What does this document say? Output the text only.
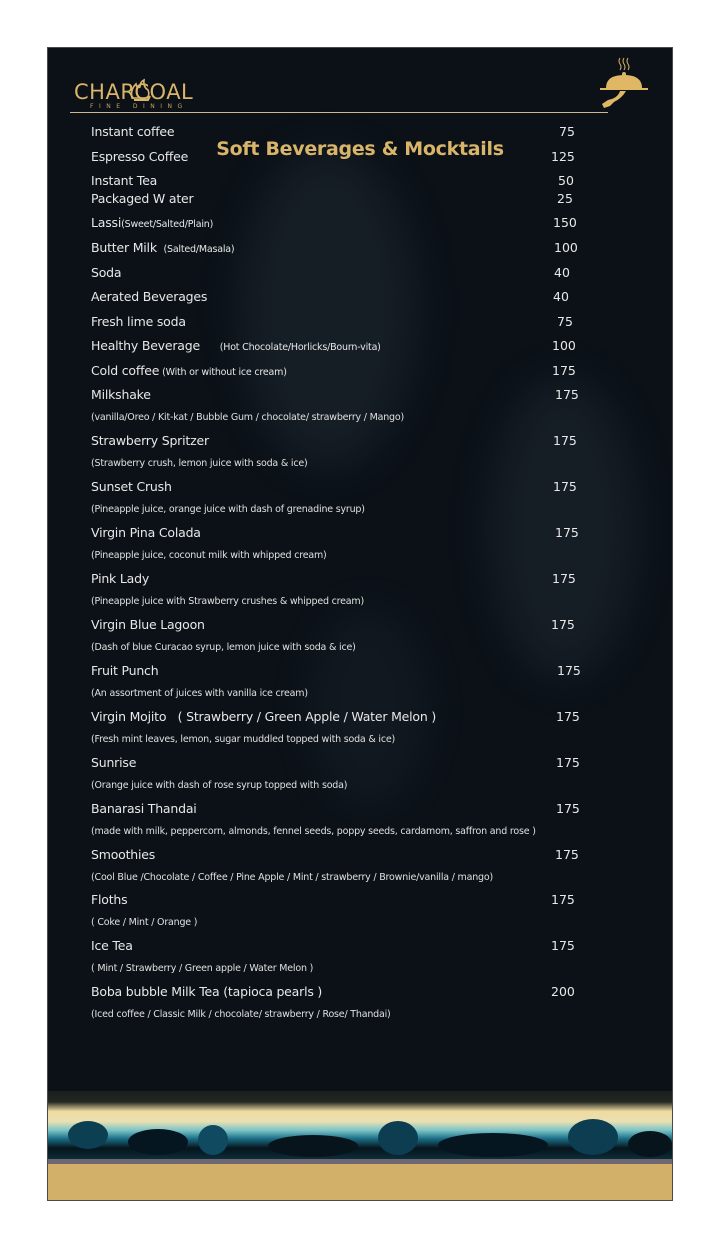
CHARCOAL
FINE DINING
Soft Beverages & Mocktails
Instant coffee	75
Espresso Coffee	125
Instant Tea	50
Packaged W ater	25
Lassi(Sweet/Salted/Plain)	150
Butter Milk  (Salted/Masala)	100
Soda	40
Aerated Beverages	40
Fresh lime soda	75
Healthy Beverage       (Hot Chocolate/Horlicks/Bourn-vita)	100
Cold coffee (With or without ice cream)	175
Milkshake	175
(vanilla/Oreo / Kit-kat / Bubble Gum / chocolate/ strawberry / Mango)
Strawberry Spritzer	175
(Strawberry crush, lemon juice with soda & ice)
Sunset Crush	175
(Pineapple juice, orange juice with dash of grenadine syrup)
Virgin Pina Colada	175
(Pineapple juice, coconut milk with whipped cream)
Pink Lady	175
(Pineapple juice with Strawberry crushes & whipped cream)
Virgin Blue Lagoon	175
(Dash of blue Curacao syrup, lemon juice with soda & ice)
Fruit Punch	175
(An assortment of juices with vanilla ice cream)
Virgin Mojito   ( Strawberry / Green Apple / Water Melon )	175
(Fresh mint leaves, lemon, sugar muddled topped with soda & ice)
Sunrise	175
(Orange juice with dash of rose syrup topped with soda)
Banarasi Thandai	175
(made with milk, peppercorn, almonds, fennel seeds, poppy seeds, cardamom, saffron and rose )
Smoothies	175
(Cool Blue /Chocolate / Coffee / Pine Apple / Mint / strawberry / Brownie/vanilla / mango)
Floths	175
( Coke / Mint / Orange )
Ice Tea	175
( Mint / Strawberry / Green apple / Water Melon )
Boba bubble Milk Tea (tapioca pearls )	200
(Iced coffee / Classic Milk / chocolate/ strawberry / Rose/ Thandai)
